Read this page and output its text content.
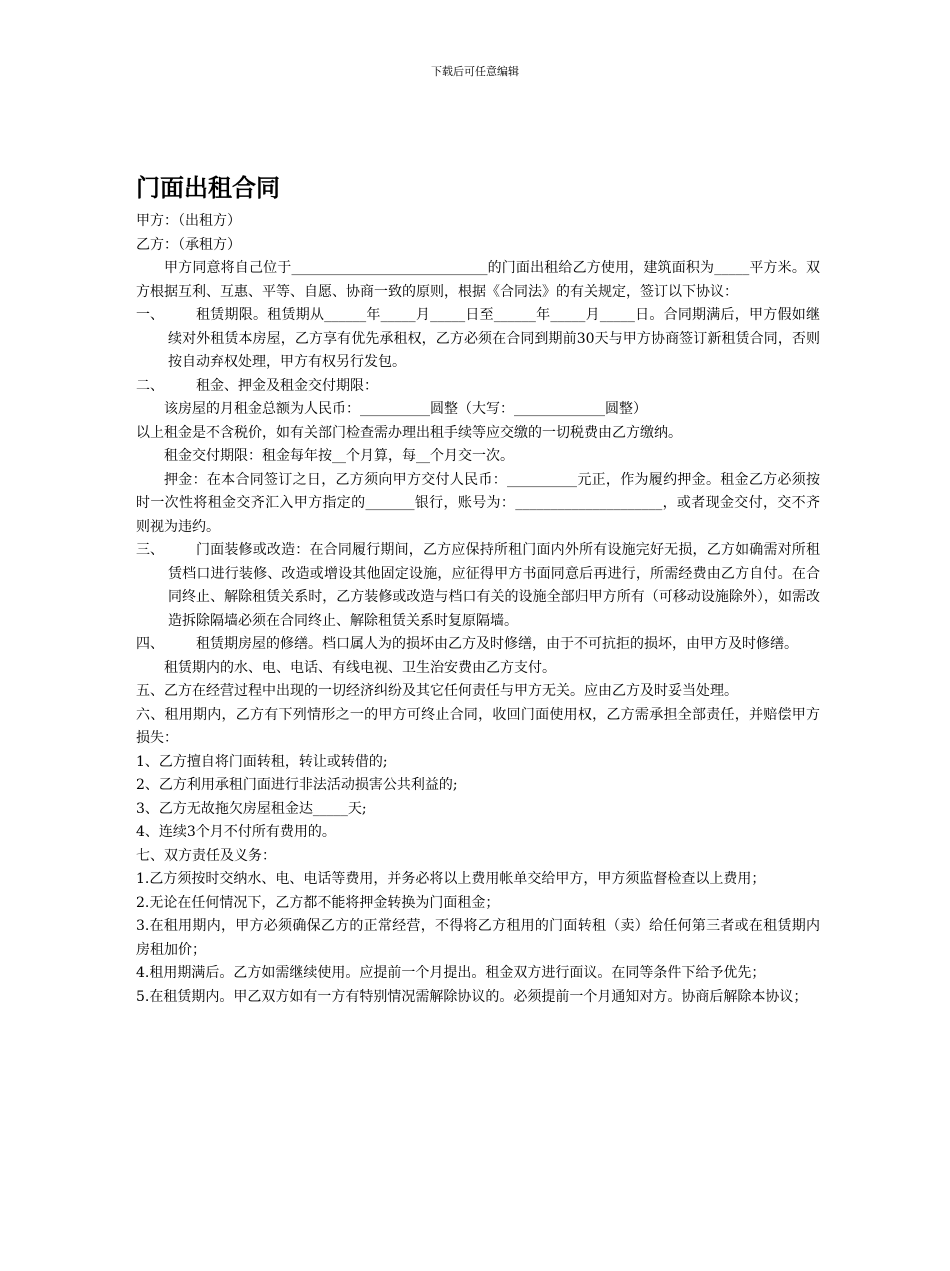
下载后可任意编辑
门面出租合同

甲方：（出租方）

乙方：（承租方）

甲方同意将自己位于____________________________的门面出租给乙方使用，建筑面积为_____平方米。双方根据互利、互惠、平等、自愿、协商一致的原则，根据《合同法》的有关规定，签订以下协议：

一、	租赁期限。租赁期从______年_____月_____日至______年_____月_____日。合同期满后，甲方假如继续对外租赁本房屋，乙方享有优先承租权，乙方必须在合同到期前30天与甲方协商签订新租赁合同，否则按自动弃权处理，甲方有权另行发包。

二、	租金、押金及租金交付期限：

该房屋的月租金总额为人民币：__________圆整（大写：_____________圆整）

以上租金是不含税价，如有关部门检查需办理出租手续等应交缴的一切税费由乙方缴纳。

租金交付期限：租金每年按__个月算，每__个月交一次。

押金：在本合同签订之日，乙方须向甲方交付人民币：__________元正，作为履约押金。租金乙方必须按时一次性将租金交齐汇入甲方指定的_______银行，账号为：_____________________，或者现金交付，交不齐则视为违约。

三、	门面装修或改造：在合同履行期间，乙方应保持所租门面内外所有设施完好无损，乙方如确需对所租赁档口进行装修、改造或增设其他固定设施，应征得甲方书面同意后再进行，所需经费由乙方自付。在合同终止、解除租赁关系时，乙方装修或改造与档口有关的设施全部归甲方所有（可移动设施除外），如需改造拆除隔墙必须在合同终止、解除租赁关系时复原隔墙。

四、	租赁期房屋的修缮。档口属人为的损坏由乙方及时修缮，由于不可抗拒的损坏，由甲方及时修缮。

租赁期内的水、电、电话、有线电视、卫生治安费由乙方支付。

五、乙方在经营过程中出现的一切经济纠纷及其它任何责任与甲方无关。应由乙方及时妥当处理。

六、租用期内，乙方有下列情形之一的甲方可终止合同，收回门面使用权，乙方需承担全部责任，并赔偿甲方损失：

1、乙方擅自将门面转租，转让或转借的;

2、乙方利用承租门面进行非法活动损害公共利益的;

3、乙方无故拖欠房屋租金达_____天;

4、连续3个月不付所有费用的。

七、双方责任及义务：

1.乙方须按时交纳水、电、电话等费用，并务必将以上费用帐单交给甲方，甲方须监督检查以上费用；

2.无论在任何情况下，乙方都不能将押金转换为门面租金；

3.在租用期内，甲方必须确保乙方的正常经营，不得将乙方租用的门面转租（卖）给任何第三者或在租赁期内房租加价；

4.租用期满后。乙方如需继续使用。应提前一个月提出。租金双方进行面议。在同等条件下给予优先；

5.在租赁期内。甲乙双方如有一方有特别情况需解除协议的。必须提前一个月通知对方。协商后解除本协议；
